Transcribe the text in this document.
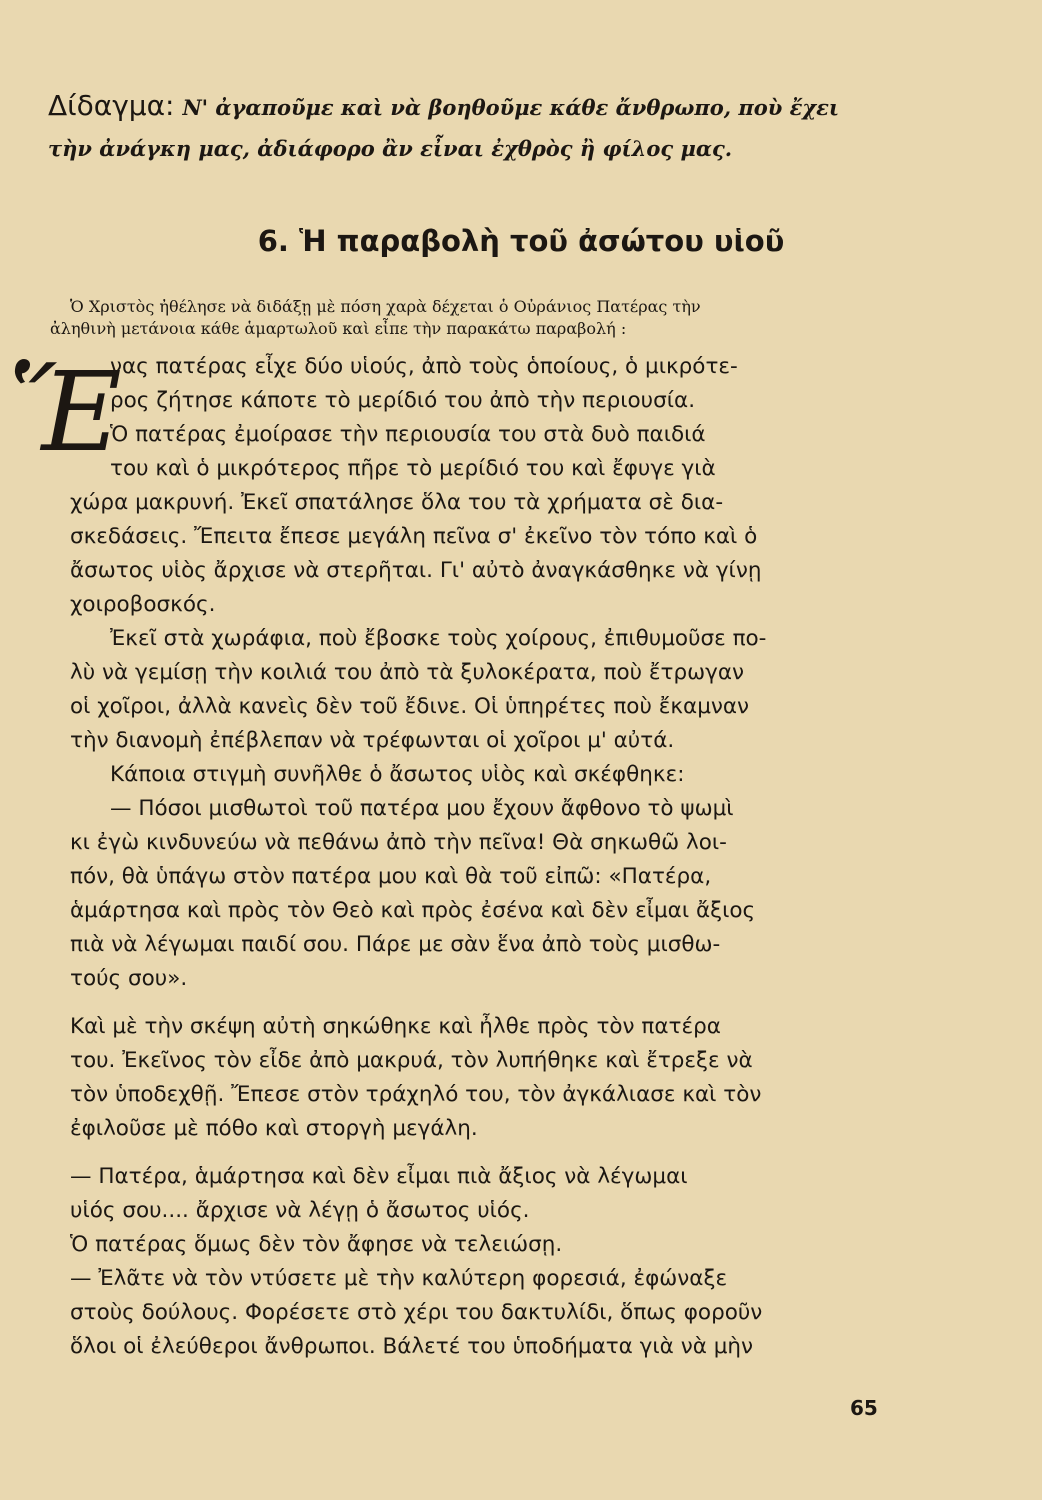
Δίδαγμα: Ν' ἀγαποῦμε καὶ νὰ βοηθοῦμε κάθε ἄνθρωπο, ποὺ ἔχει
τὴν ἀνάγκη μας, ἀδιάφορο ἂν εἶναι ἐχθρὸς ἢ φίλος μας.
6. Ἡ παραβολὴ τοῦ ἀσώτου υἱοῦ
Ὁ Χριστὸς ἠθέλησε νὰ διδάξῃ μὲ πόση χαρὰ δέχεται ὁ Οὐράνιος Πατέρας τὴν
ἀληθινὴ μετάνοια κάθε ἁμαρτωλοῦ καὶ εἶπε τὴν παρακάτω παραβολή :
Ἕ
νας πατέρας εἶχε δύο υἱούς, ἀπὸ τοὺς ὁποίους, ὁ μικρότε-
ρος ζήτησε κάποτε τὸ μερίδιό του ἀπὸ τὴν περιουσία.
Ὁ πατέρας ἐμοίρασε τὴν περιουσία του στὰ δυὸ παιδιά
του καὶ ὁ μικρότερος πῆρε τὸ μερίδιό του καὶ ἔφυγε γιὰ
χώρα μακρυνή. Ἐκεῖ σπατάλησε ὅλα του τὰ χρήματα σὲ δια-
σκεδάσεις. Ἔπειτα ἔπεσε μεγάλη πεῖνα σ' ἐκεῖνο τὸν τόπο καὶ ὁ
ἄσωτος υἱὸς ἄρχισε νὰ στερῆται. Γι' αὐτὸ ἀναγκάσθηκε νὰ γίνῃ
χοιροβοσκός.
Ἐκεῖ στὰ χωράφια, ποὺ ἔβοσκε τοὺς χοίρους, ἐπιθυμοῦσε πο-
λὺ νὰ γεμίσῃ τὴν κοιλιά του ἀπὸ τὰ ξυλοκέρατα, ποὺ ἔτρωγαν
οἱ χοῖροι, ἀλλὰ κανεὶς δὲν τοῦ ἔδινε. Οἱ ὑπηρέτες ποὺ ἔκαμναν
τὴν διανομὴ ἐπέβλεπαν νὰ τρέφωνται οἱ χοῖροι μ' αὐτά.
Κάποια στιγμὴ συνῆλθε ὁ ἄσωτος υἱὸς καὶ σκέφθηκε:
— Πόσοι μισθωτοὶ τοῦ πατέρα μου ἔχουν ἄφθονο τὸ ψωμὶ
κι ἐγὼ κινδυνεύω νὰ πεθάνω ἀπὸ τὴν πεῖνα! Θὰ σηκωθῶ λοι-
πόν, θὰ ὑπάγω στὸν πατέρα μου καὶ θὰ τοῦ εἰπῶ: «Πατέρα,
ἁμάρτησα καὶ πρὸς τὸν Θεὸ καὶ πρὸς ἐσένα καὶ δὲν εἶμαι ἄξιος
πιὰ νὰ λέγωμαι παιδί σου. Πάρε με σὰν ἕνα ἀπὸ τοὺς μισθω-
τούς σου».
Καὶ μὲ τὴν σκέψη αὐτὴ σηκώθηκε καὶ ἦλθε πρὸς τὸν πατέρα
του. Ἐκεῖνος τὸν εἶδε ἀπὸ μακρυά, τὸν λυπήθηκε καὶ ἔτρεξε νὰ
τὸν ὑποδεχθῇ. Ἔπεσε στὸν τράχηλό του, τὸν ἀγκάλιασε καὶ τὸν
ἐφιλοῦσε μὲ πόθο καὶ στοργὴ μεγάλη.
— Πατέρα, ἁμάρτησα καὶ δὲν εἶμαι πιὰ ἄξιος νὰ λέγωμαι
υἱός σου.... ἄρχισε νὰ λέγῃ ὁ ἄσωτος υἱός.
Ὁ πατέρας ὅμως δὲν τὸν ἄφησε νὰ τελειώσῃ.
— Ἐλᾶτε νὰ τὸν ντύσετε μὲ τὴν καλύτερη φορεσιά, ἐφώναξε
στοὺς δούλους. Φορέσετε στὸ χέρι του δακτυλίδι, ὅπως φοροῦν
ὅλοι οἱ ἐλεύθεροι ἄνθρωποι. Βάλετέ του ὑποδήματα γιὰ νὰ μὴν
65
